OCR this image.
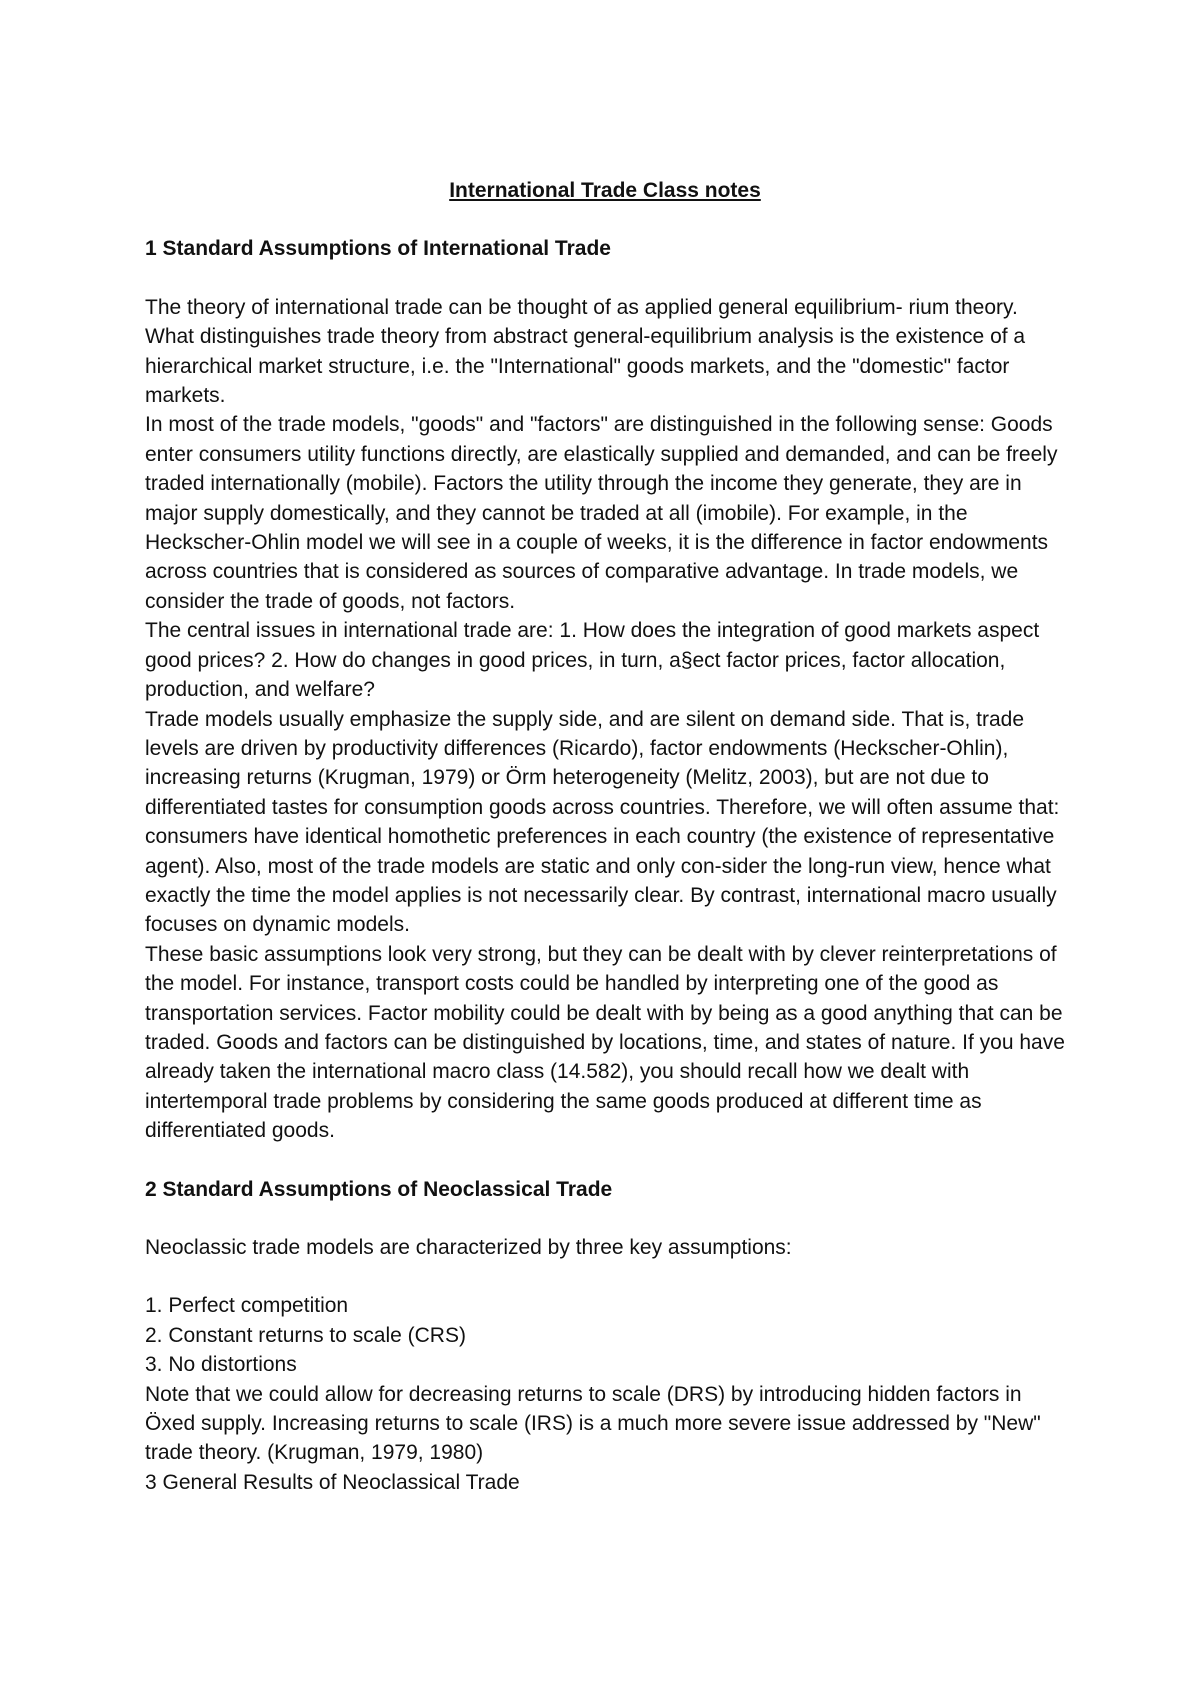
International Trade Class notes

1 Standard Assumptions of International Trade

The theory of international trade can be thought of as applied general equilibrium- rium theory. What distinguishes trade theory from abstract general-equilibrium analysis is the existence of a hierarchical market structure, i.e. the "International" goods markets, and the "domestic" factor markets.

In most of the trade models, "goods" and "factors" are distinguished in the following sense: Goods enter consumers utility functions directly, are elastically supplied and demanded, and can be freely traded internationally (mobile). Factors the utility through the income they generate, they are in major supply domestically, and they cannot be traded at all (imobile). For example, in the Heckscher-Ohlin model we will see in a couple of weeks, it is the difference in factor endowments across countries that is considered as sources of comparative advantage. In trade models, we consider the trade of goods, not factors.

The central issues in international trade are: 1. How does the integration of good markets aspect good prices? 2. How do changes in good prices, in turn, a§ect factor prices, factor allocation, production, and welfare?

Trade models usually emphasize the supply side, and are silent on demand side. That is, trade levels are driven by productivity differences (Ricardo), factor endowments (Heckscher-Ohlin), increasing returns (Krugman, 1979) or Örm heterogeneity (Melitz, 2003), but are not due to differentiated tastes for consumption goods across countries. Therefore, we will often assume that: consumers have identical homothetic preferences in each country (the existence of representative agent). Also, most of the trade models are static and only con-sider the long-run view, hence what exactly the time the model applies is not necessarily clear. By contrast, international macro usually focuses on dynamic models.

These basic assumptions look very strong, but they can be dealt with by clever reinterpretations of the model. For instance, transport costs could be handled by interpreting one of the good as transportation services. Factor mobility could be dealt with by being as a good anything that can be traded. Goods and factors can be distinguished by locations, time, and states of nature. If you have already taken the international macro class (14.582), you should recall how we dealt with intertemporal trade problems by considering the same goods produced at different time as differentiated goods.

2 Standard Assumptions of Neoclassical Trade

Neoclassic trade models are characterized by three key assumptions:

1. Perfect competition
2. Constant returns to scale (CRS)
3. No distortions

Note that we could allow for decreasing returns to scale (DRS) by introducing hidden factors in Öxed supply. Increasing returns to scale (IRS) is a much more severe issue addressed by "New" trade theory. (Krugman, 1979, 1980)

3 General Results of Neoclassical Trade
